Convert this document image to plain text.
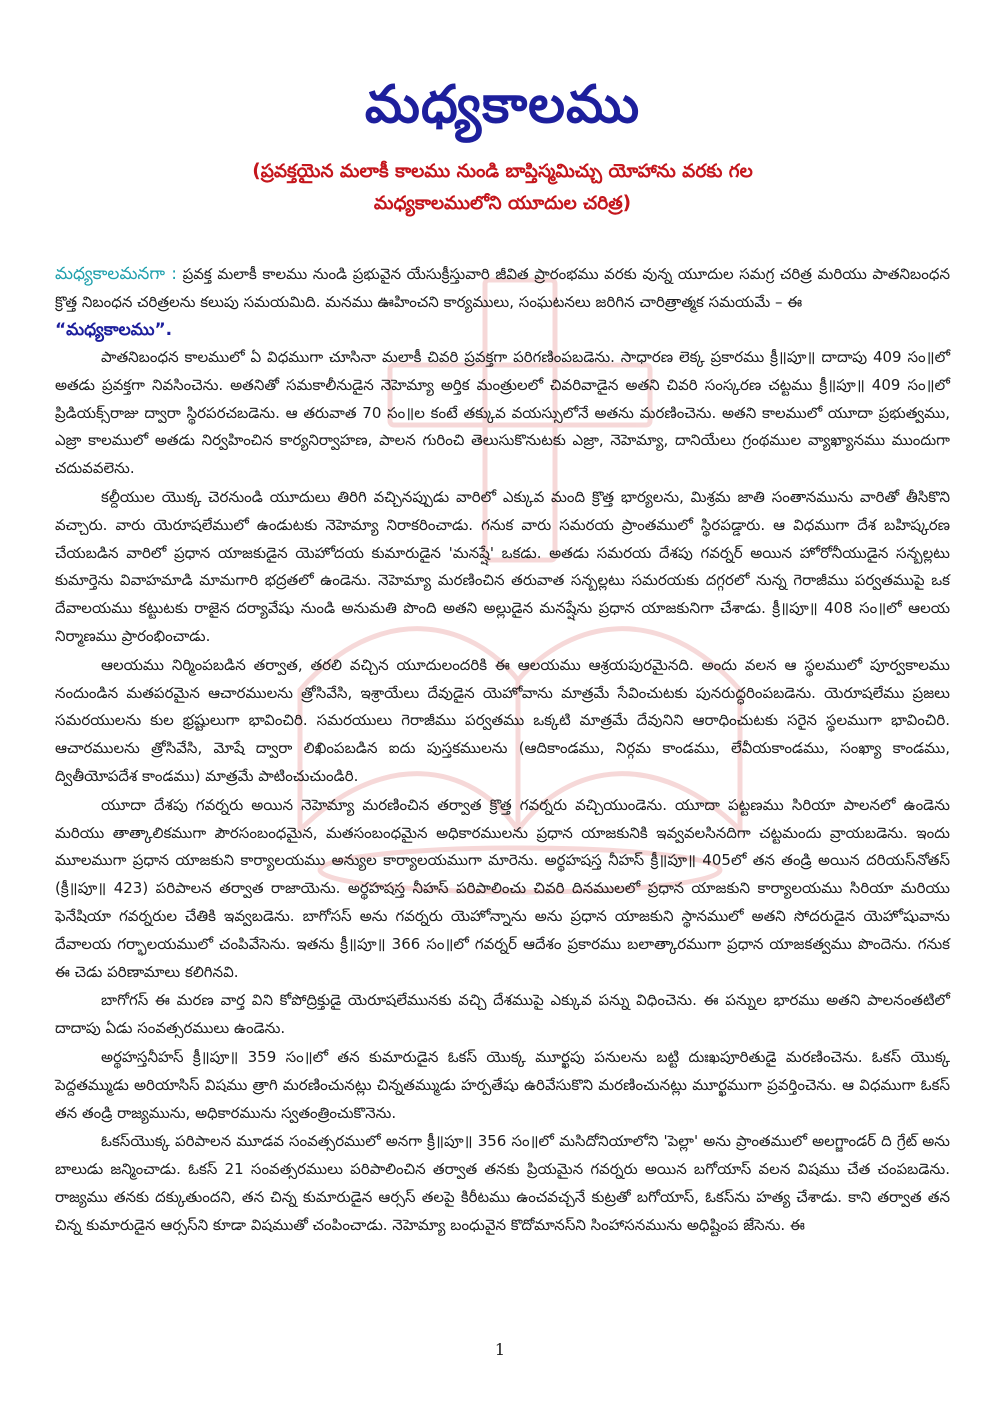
మధ్యకాలము
(ప్రవక్తయైన మలాకీ కాలము నుండి బాప్తిస్మమిచ్చు యోహాను వరకు గల
మధ్యకాలములోని యూదుల చరిత్ర)
మధ్యకాలమనగా : ప్రవక్త మలాకీ కాలము నుండి ప్రభువైన యేసుక్రీస్తువారి జీవిత ప్రారంభము వరకు వున్న యూదుల సమగ్ర చరిత్ర మరియు పాతనిబంధన క్రొత్త నిబంధన చరిత్రలను కలుపు సమయమిది. మనము ఊహించని కార్యములు, సంఘటనలు జరిగిన చారిత్రాత్మక సమయమే – ఈ
“మధ్యకాలము”.

పాతనిబంధన కాలములో ఏ విధముగా చూసినా మలాకీ చివరి ప్రవక్తగా పరిగణింపబడెను. సాధారణ లెక్క ప్రకారము క్రీ॥పూ॥ దాదాపు 409 సం॥లో అతడు ప్రవక్తగా నివసించెను. అతనితో సమకాలీనుడైన నెహెమ్యా అర్తిక మంత్రులలో చివరివాడైన అతని చివరి సంస్కరణ చట్టము క్రీ॥పూ॥ 409 సం॥లో ప్రిడియక్స్‌రాజు ద్వారా స్థిరపరచబడెను. ఆ తరువాత 70 సం॥ల కంటే తక్కువ వయస్సులోనే అతను మరణించెను. అతని కాలములో యూదా ప్రభుత్వము, ఎజ్రా కాలములో అతడు నిర్వహించిన కార్యనిర్వాహణ, పాలన గురించి తెలుసుకొనుటకు ఎజ్రా, నెహెమ్యా, దానియేలు గ్రంథముల వ్యాఖ్యానము ముందుగా చదువవలెను.

కల్దీయుల యొక్క చెరనుండి యూదులు తిరిగి వచ్చినప్పుడు వారిలో ఎక్కువ మంది క్రొత్త భార్యలను, మిశ్రమ జాతి సంతానమును వారితో తీసికొని వచ్చారు. వారు యెరూషలేములో ఉండుటకు నెహెమ్యా నిరాకరించాడు. గనుక వారు సమరయ ప్రాంతములో స్థిరపడ్డారు. ఆ విధముగా దేశ బహిష్కరణ చేయబడిన వారిలో ప్రధాన యాజకుడైన యెహోదయ కుమారుడైన 'మనష్షే' ఒకడు. అతడు సమరయ దేశపు గవర్నర్ అయిన హోరోనీయుడైన సన్బల్లటు కుమార్తెను వివాహమాడి మామగారి భద్రతలో ఉండెను. నెహెమ్యా మరణించిన తరువాత సన్బల్లటు సమరయకు దగ్గరలో నున్న గెరాజీము పర్వతముపై ఒక దేవాలయము కట్టుటకు రాజైన దర్యావేషు నుండి అనుమతి పొంది అతని అల్లుడైన మనష్షేను ప్రధాన యాజకునిగా చేశాడు. క్రీ॥పూ॥ 408 సం॥లో ఆలయ నిర్మాణము ప్రారంభించాడు.

ఆలయము నిర్మింపబడిన తర్వాత, తరలి వచ్చిన యూదులందరికి ఈ ఆలయము ఆశ్రయపురమైనది. అందు వలన ఆ స్థలములో పూర్వకాలము నందుండిన మతపరమైన ఆచారములను త్రోసివేసి, ఇశ్రాయేలు దేవుడైన యెహోవాను మాత్రమే సేవించుటకు పునరుద్ధరింపబడెను. యెరూషలేము ప్రజలు సమరయులను కుల భ్రష్టులుగా భావించిరి. సమరయులు గెరాజీము పర్వతము ఒక్కటి మాత్రమే దేవునిని ఆరాధించుటకు సరైన స్థలముగా భావించిరి. ఆచారములను త్రోసివేసి, మోషే ద్వారా లిఖింపబడిన ఐదు పుస్తకములను (ఆదికాండము, నిర్గమ కాండము, లేవీయకాండము, సంఖ్యా కాండము, ద్వితీయోపదేశ కాండము) మాత్రమే పాటించుచుండిరి.

యూదా దేశపు గవర్నరు అయిన నెహెమ్యా మరణించిన తర్వాత క్రొత్త గవర్నరు వచ్చియుండెను. యూదా పట్టణము సిరియా పాలనలో ఉండెను మరియు తాత్కాలికముగా పౌరసంబంధమైన, మతసంబంధమైన అధికారములను ప్రధాన యాజకునికి ఇవ్వవలసినదిగా చట్టమందు వ్రాయబడెను. ఇందు మూలముగా ప్రధాన యాజకుని కార్యాలయము అన్యుల కార్యాలయముగా మారెను. అర్థహషస్త నీహస్ క్రీ॥పూ॥ 405లో తన తండ్రి అయిన దరియస్‌నోతస్ (క్రీ॥పూ॥ 423) పరిపాలన తర్వాత రాజాయెను. అర్థహషస్త నీహస్ పరిపాలించు చివరి దినములలో ప్రధాన యాజకుని కార్యాలయము సిరియా మరియు ఫెనేషియా గవర్నరుల చేతికి ఇవ్వబడెను. బాగోసస్ అను గవర్నరు యెహోన్నాను అను ప్రధాన యాజకుని స్థానములో అతని సోదరుడైన యెహోషువాను దేవాలయ గర్భాలయములో చంపివేసెను. ఇతను క్రీ॥పూ॥ 366 సం॥లో గవర్నర్ ఆదేశం ప్రకారము బలాత్కారముగా ప్రధాన యాజకత్వము పొందెను. గనుక ఈ చెడు పరిణామాలు కలిగినవి.

బాగోగస్ ఈ మరణ వార్త విని కోపోద్రిక్తుడై యెరూషలేమునకు వచ్చి దేశముపై ఎక్కువ పన్ను విధించెను. ఈ పన్నుల భారము అతని పాలనంతటిలో దాదాపు ఏడు సంవత్సరములు ఉండెను.

అర్థహస్తనీహస్ క్రీ॥పూ॥ 359 సం॥లో తన కుమారుడైన ఓకస్ యొక్క మూర్ఖపు పనులను బట్టి దుఃఖపూరితుడై మరణించెను. ఓకస్ యొక్క పెద్దతమ్ముడు అరియాసిస్ విషము త్రాగి మరణించునట్లు చిన్నతమ్ముడు హర్పతేషు ఉరివేసుకొని మరణించునట్లు మూర్ఖముగా ప్రవర్తించెను. ఆ విధముగా ఓకస్ తన తండ్రి రాజ్యమును, అధికారమును స్వతంత్రించుకొనెను.

ఓకస్‌యొక్క పరిపాలన మూడవ సంవత్సరములో అనగా క్రీ॥పూ॥ 356 సం॥లో మసిదోనియాలోని 'పెల్లా' అను ప్రాంతములో అలగ్జాండర్ ది గ్రేట్ అను బాలుడు జన్మించాడు. ఓకస్ 21 సంవత్సరములు పరిపాలించిన తర్వాత తనకు ప్రియమైన గవర్నరు అయిన బగోయాస్ వలన విషము చేత చంపబడెను. రాజ్యము తనకు దక్కుతుందని, తన చిన్న కుమారుడైన ఆర్సస్ తలపై కిరీటము ఉంచవచ్చనే కుట్రతో బగోయాస్, ఓకస్‌ను హత్య చేశాడు. కాని తర్వాత తన చిన్న కుమారుడైన ఆర్సస్‌ని కూడా విషముతో చంపించాడు. నెహెమ్యా బంధువైన కొదోమానస్‌ని సింహాసనమును అధిష్టింప జేసెను. ఈ

1
